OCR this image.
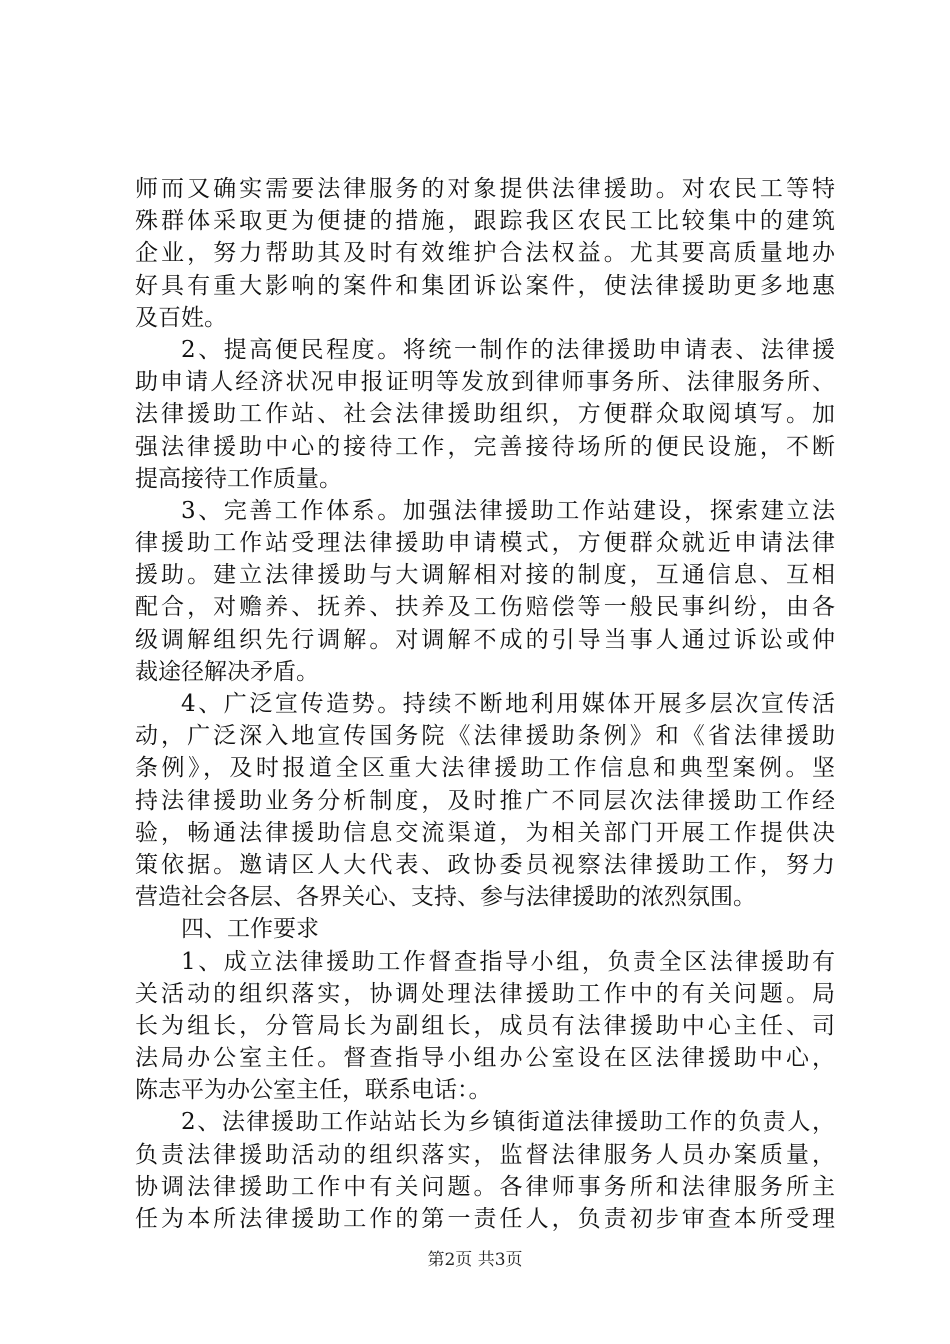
师而又确实需要法律服务的对象提供法律援助。对农民工等特
殊群体采取更为便捷的措施，跟踪我区农民工比较集中的建筑
企业，努力帮助其及时有效维护合法权益。尤其要高质量地办
好具有重大影响的案件和集团诉讼案件，使法律援助更多地惠
及百姓。
2、提高便民程度。将统一制作的法律援助申请表、法律援
助申请人经济状况申报证明等发放到律师事务所、法律服务所、
法律援助工作站、社会法律援助组织，方便群众取阅填写。加
强法律援助中心的接待工作，完善接待场所的便民设施，不断
提高接待工作质量。
3、完善工作体系。加强法律援助工作站建设，探索建立法
律援助工作站受理法律援助申请模式，方便群众就近申请法律
援助。建立法律援助与大调解相对接的制度，互通信息、互相
配合，对赡养、抚养、扶养及工伤赔偿等一般民事纠纷，由各
级调解组织先行调解。对调解不成的引导当事人通过诉讼或仲
裁途径解决矛盾。
4、广泛宣传造势。持续不断地利用媒体开展多层次宣传活
动，广泛深入地宣传国务院《法律援助条例》和《省法律援助
条例》，及时报道全区重大法律援助工作信息和典型案例。坚
持法律援助业务分析制度，及时推广不同层次法律援助工作经
验，畅通法律援助信息交流渠道，为相关部门开展工作提供决
策依据。邀请区人大代表、政协委员视察法律援助工作，努力
营造社会各层、各界关心、支持、参与法律援助的浓烈氛围。
四、工作要求
1、成立法律援助工作督查指导小组，负责全区法律援助有
关活动的组织落实，协调处理法律援助工作中的有关问题。局
长为组长，分管局长为副组长，成员有法律援助中心主任、司
法局办公室主任。督查指导小组办公室设在区法律援助中心，
陈志平为办公室主任，联系电话：。
2、法律援助工作站站长为乡镇街道法律援助工作的负责人，
负责法律援助活动的组织落实，监督法律服务人员办案质量，
协调法律援助工作中有关问题。各律师事务所和法律服务所主
任为本所法律援助工作的第一责任人，负责初步审查本所受理
第2页 共3页
